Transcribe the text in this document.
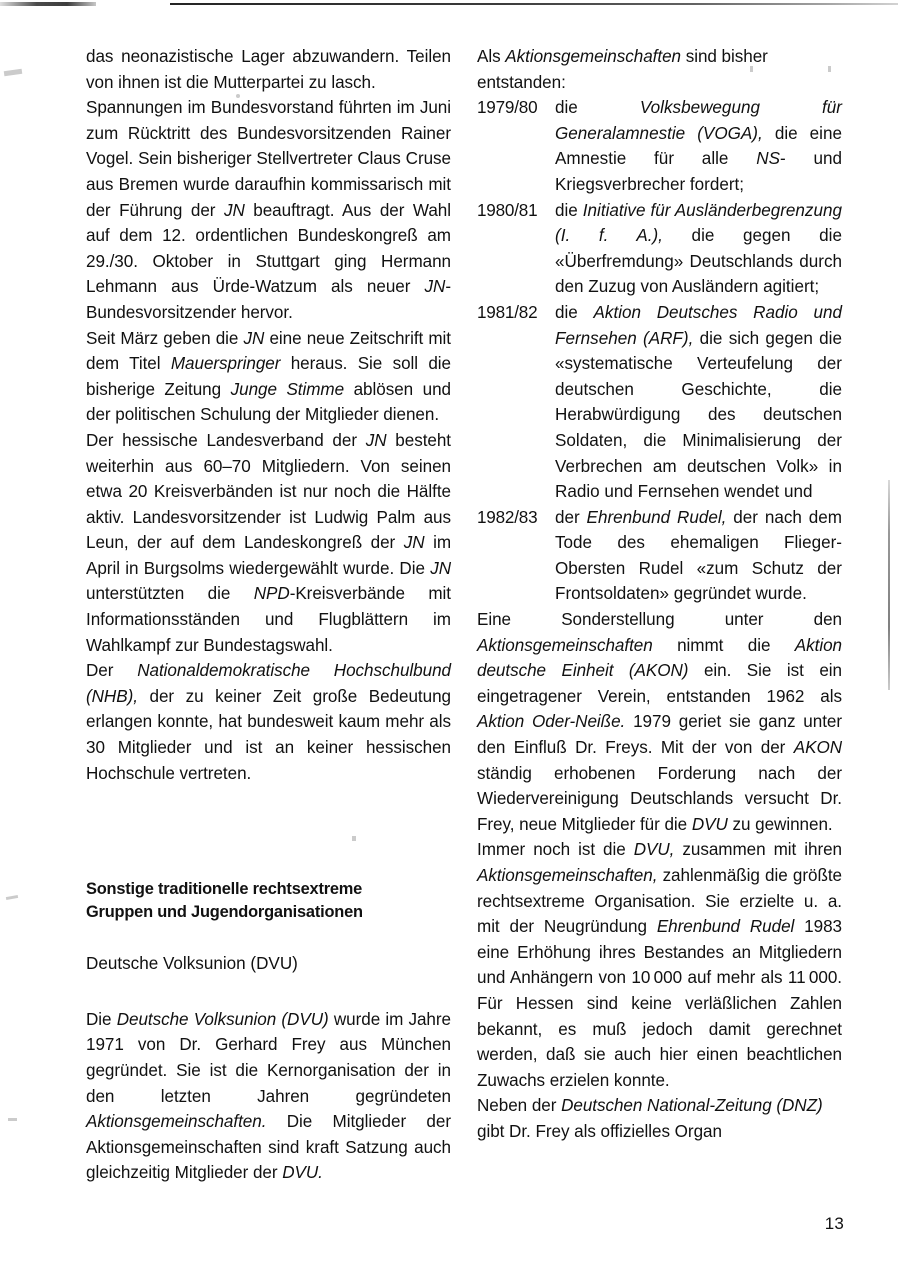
das neonazistische Lager abzuwandern. Teilen von ihnen ist die Mutterpartei zu lasch.

Spannungen im Bundesvorstand führten im Juni zum Rücktritt des Bundesvorsitzenden Rainer Vogel. Sein bisheriger Stellvertreter Claus Cruse aus Bremen wurde daraufhin kommissarisch mit der Führung der JN beauftragt. Aus der Wahl auf dem 12. ordentlichen Bundeskongreß am 29./30. Oktober in Stuttgart ging Hermann Lehmann aus Ürde-Watzum als neuer JN-Bundesvorsitzender hervor.

Seit März geben die JN eine neue Zeitschrift mit dem Titel Mauerspringer heraus. Sie soll die bisherige Zeitung Junge Stimme ablösen und der politischen Schulung der Mitglieder dienen.

Der hessische Landesverband der JN besteht weiterhin aus 60–70 Mitgliedern. Von seinen etwa 20 Kreisverbänden ist nur noch die Hälfte aktiv. Landesvorsitzender ist Ludwig Palm aus Leun, der auf dem Landeskongreß der JN im April in Burgsolms wiedergewählt wurde. Die JN unterstützten die NPD-Kreisverbände mit Informationsständen und Flugblättern im Wahlkampf zur Bundestagswahl.

Der Nationaldemokratische Hochschulbund (NHB), der zu keiner Zeit große Bedeutung erlangen konnte, hat bundesweit kaum mehr als 30 Mitglieder und ist an keiner hessischen Hochschule vertreten.

Sonstige traditionelle rechtsextreme
Gruppen und Jugendorganisationen

Deutsche Volksunion (DVU)

Die Deutsche Volksunion (DVU) wurde im Jahre 1971 von Dr. Gerhard Frey aus München gegründet. Sie ist die Kernorganisation der in den letzten Jahren gegründeten Aktionsgemeinschaften. Die Mitglieder der Aktionsgemeinschaften sind kraft Satzung auch gleichzeitig Mitglieder der DVU.

Als Aktionsgemeinschaften sind bisher entstanden:

1979/80	die Volksbewegung für Generalamnestie (VOGA), die eine Amnestie für alle NS- und Kriegsverbrecher fordert;
1980/81	die Initiative für Ausländerbegrenzung (I. f. A.), die gegen die «Überfremdung» Deutschlands durch den Zuzug von Ausländern agitiert;
1981/82	die Aktion Deutsches Radio und Fernsehen (ARF), die sich gegen die «systematische Verteufelung der deutschen Geschichte, die Herabwürdigung des deutschen Soldaten, die Minimalisierung der Verbrechen am deutschen Volk» in Radio und Fernsehen wendet und
1982/83	der Ehrenbund Rudel, der nach dem Tode des ehemaligen Flieger-Obersten Rudel «zum Schutz der Frontsoldaten» gegründet wurde.

Eine Sonderstellung unter den Aktionsgemeinschaften nimmt die Aktion deutsche Einheit (AKON) ein. Sie ist ein eingetragener Verein, entstanden 1962 als Aktion Oder-Neiße. 1979 geriet sie ganz unter den Einfluß Dr. Freys. Mit der von der AKON ständig erhobenen Forderung nach der Wiedervereinigung Deutschlands versucht Dr. Frey, neue Mitglieder für die DVU zu gewinnen.

Immer noch ist die DVU, zusammen mit ihren Aktionsgemeinschaften, zahlenmäßig die größte rechtsextreme Organisation. Sie erzielte u. a. mit der Neugründung Ehrenbund Rudel 1983 eine Erhöhung ihres Bestandes an Mitgliedern und Anhängern von 10 000 auf mehr als 11 000. Für Hessen sind keine verläßlichen Zahlen bekannt, es muß jedoch damit gerechnet werden, daß sie auch hier einen beachtlichen Zuwachs erzielen konnte.

Neben der Deutschen National-Zeitung (DNZ) gibt Dr. Frey als offizielles Organ

13
